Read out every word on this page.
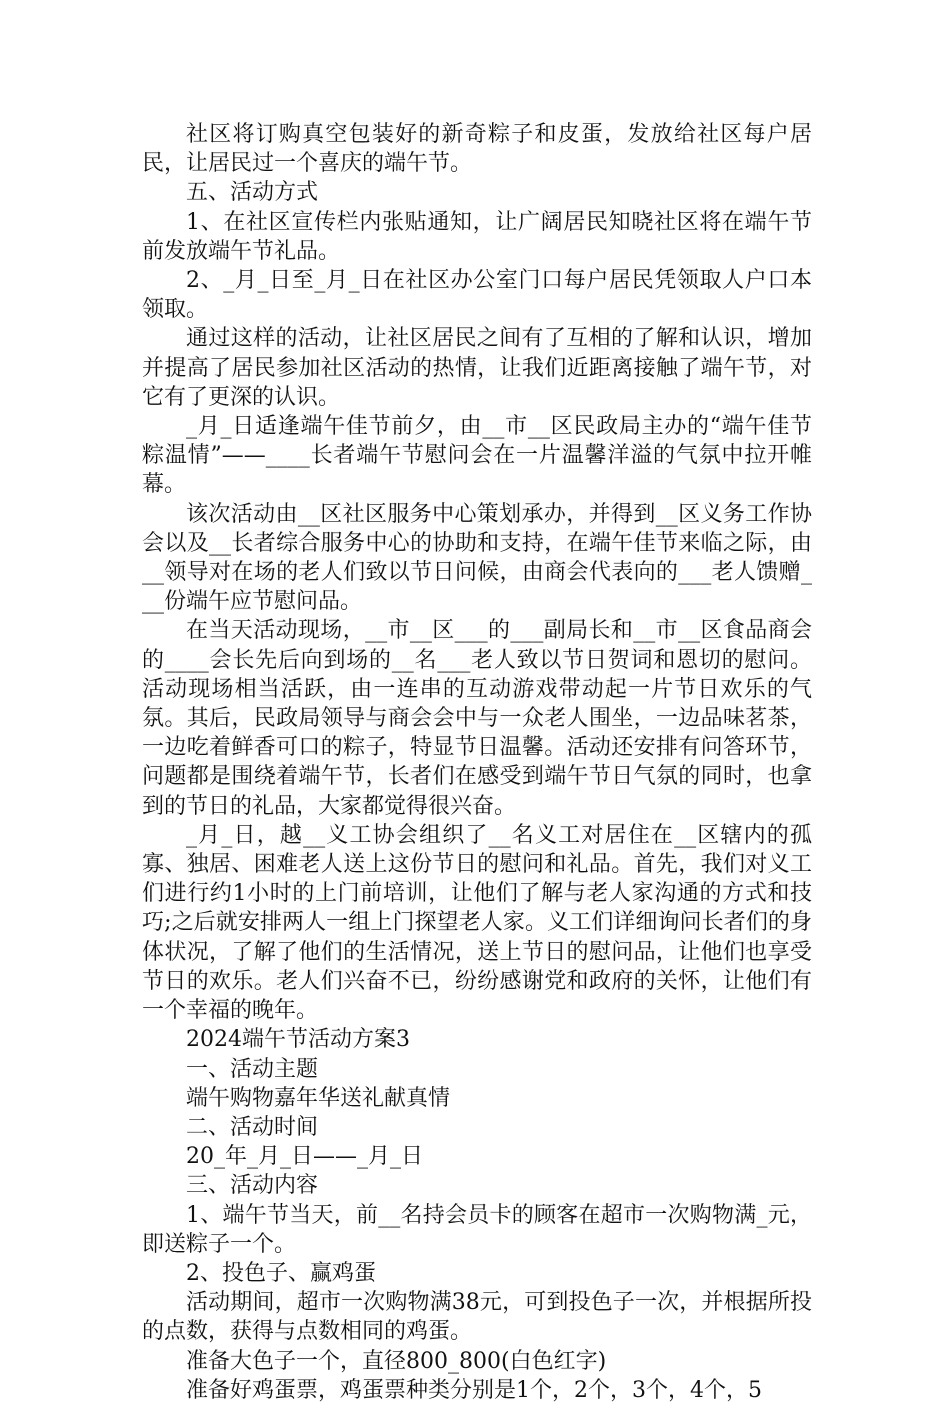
社区将订购真空包装好的新奇粽子和皮蛋，发放给社区每户居民，让居民过一个喜庆的端午节。

五、活动方式

1、在社区宣传栏内张贴通知，让广阔居民知晓社区将在端午节前发放端午节礼品。

2、_月_日至_月_日在社区办公室门口每户居民凭领取人户口本领取。

通过这样的活动，让社区居民之间有了互相的了解和认识，增加并提高了居民参加社区活动的热情，让我们近距离接触了端午节，对它有了更深的认识。

_月_日适逢端午佳节前夕，由__市__区民政局主办的“端午佳节粽温情”——____长者端午节慰问会在一片温馨洋溢的气氛中拉开帷幕。

该次活动由__区社区服务中心策划承办，并得到__区义务工作协会以及__长者综合服务中心的协助和支持，在端午佳节来临之际，由__领导对在场的老人们致以节日问候，由商会代表向的___老人馈赠___份端午应节慰问品。

在当天活动现场，__市__区___的___副局长和__市__区食品商会的____会长先后向到场的__名___老人致以节日贺词和恩切的慰问。活动现场相当活跃，由一连串的互动游戏带动起一片节日欢乐的气氛。其后，民政局领导与商会会中与一众老人围坐，一边品味茗茶，一边吃着鲜香可口的粽子，特显节日温馨。活动还安排有问答环节，问题都是围绕着端午节，长者们在感受到端午节日气氛的同时，也拿到的节日的礼品，大家都觉得很兴奋。

_月_日，越__义工协会组织了__名义工对居住在__区辖内的孤寡、独居、困难老人送上这份节日的慰问和礼品。首先，我们对义工们进行约1小时的上门前培训，让他们了解与老人家沟通的方式和技巧;之后就安排两人一组上门探望老人家。义工们详细询问长者们的身体状况，了解了他们的生活情况，送上节日的慰问品，让他们也享受节日的欢乐。老人们兴奋不已，纷纷感谢党和政府的关怀，让他们有一个幸福的晚年。

2024端午节活动方案3

一、活动主题

端午购物嘉年华送礼献真情

二、活动时间

20_年_月_日——_月_日

三、活动内容

1、端午节当天，前__名持会员卡的顾客在超市一次购物满_元，即送粽子一个。

2、投色子、赢鸡蛋

活动期间，超市一次购物满38元，可到投色子一次，并根据所投的点数，获得与点数相同的鸡蛋。

准备大色子一个，直径800_800(白色红字)

准备好鸡蛋票，鸡蛋票种类分别是1个，2个，3个，4个，5
